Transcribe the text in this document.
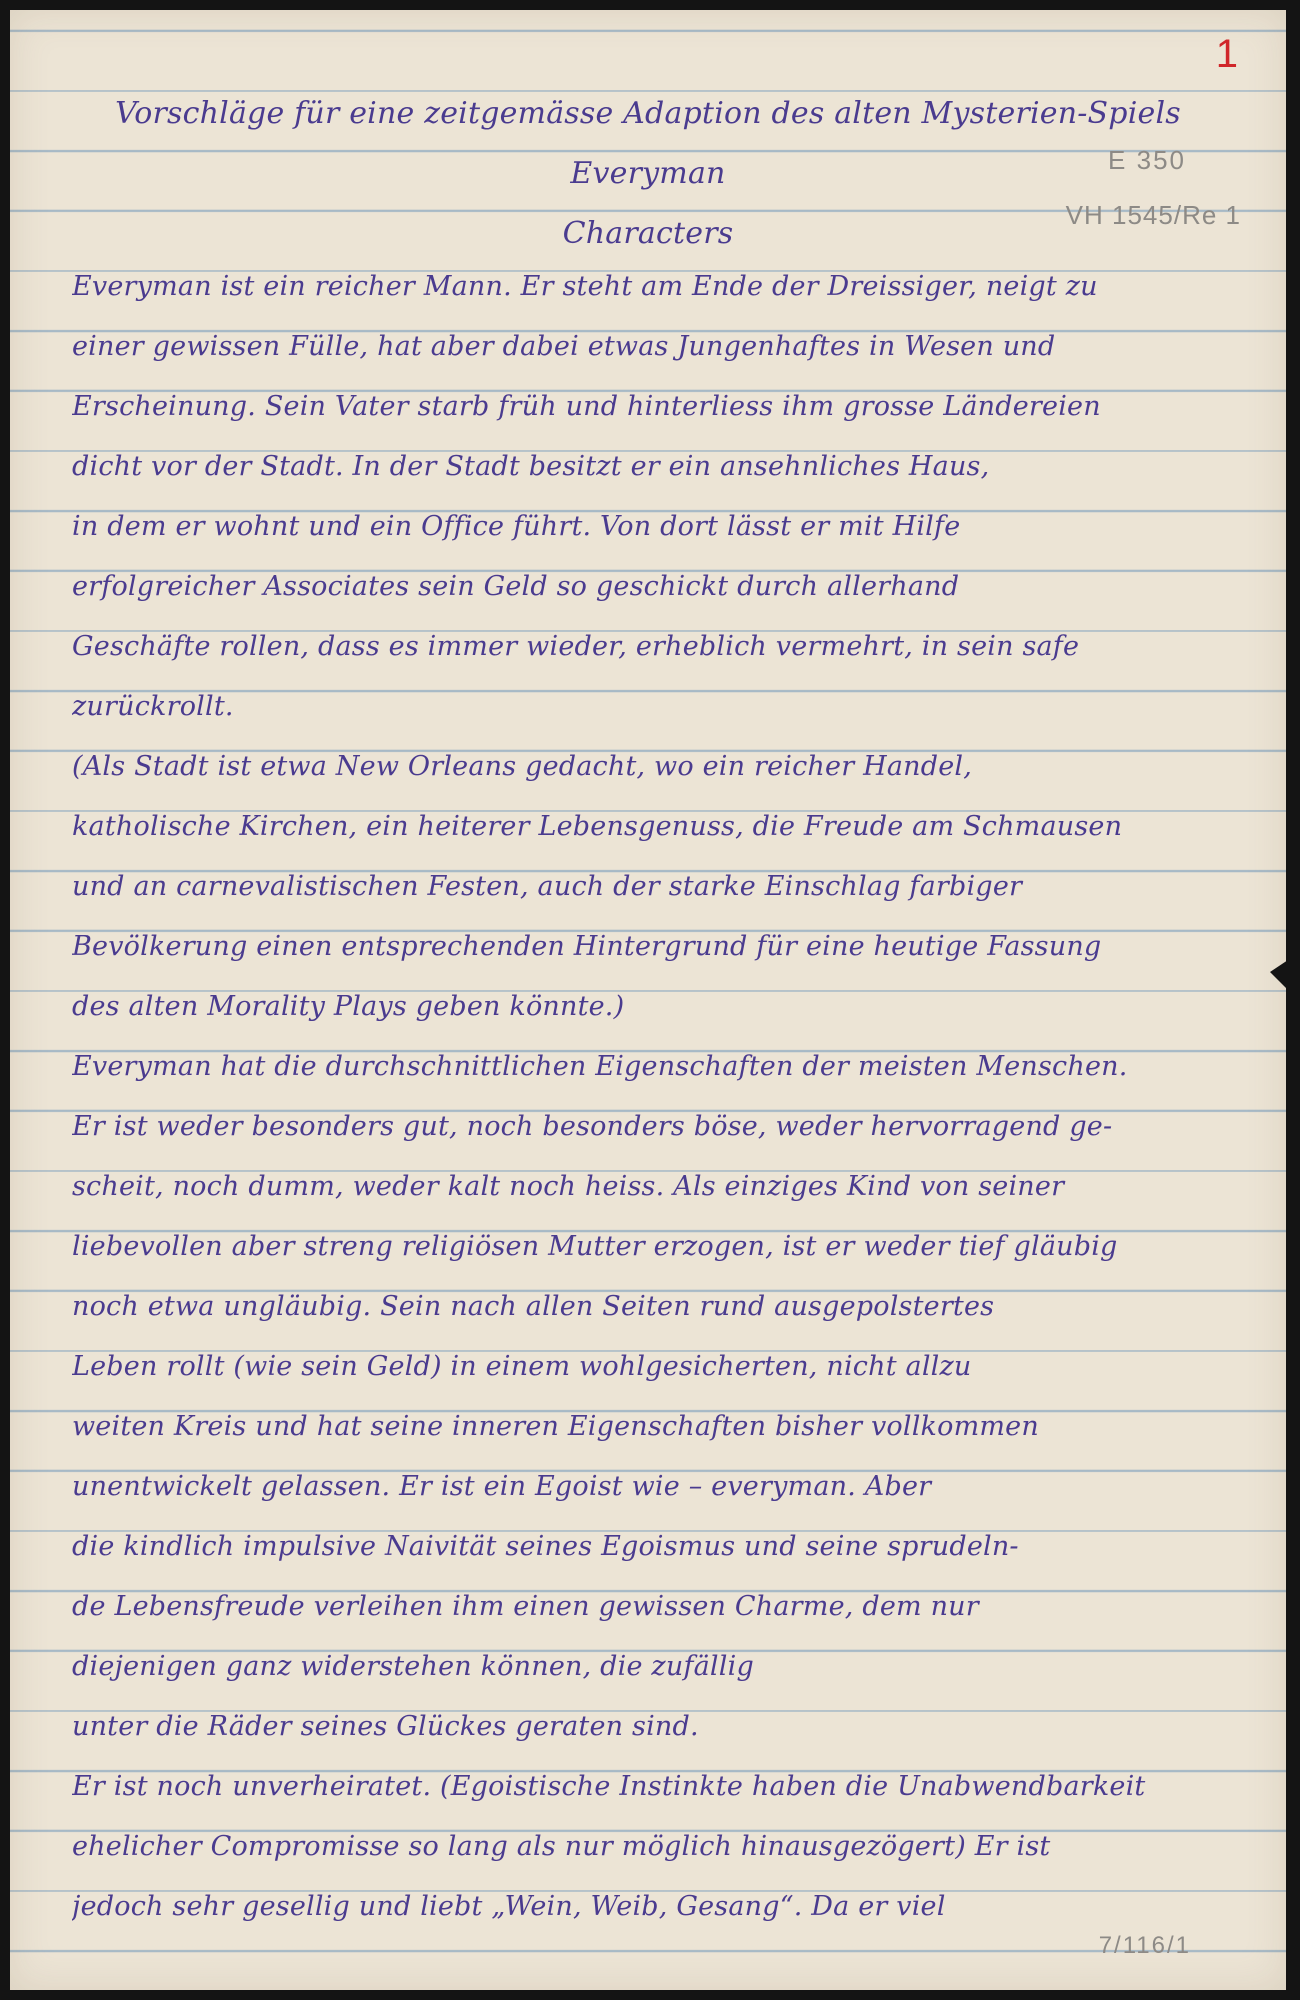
1
E 350
VH 1545/Re 1
Vorschläge für eine zeitgemässe Adaption des alten Mysterien-Spiels
Everyman
Characters
Everyman ist ein reicher Mann. Er steht am Ende der Dreissiger, neigt zu
einer gewissen Fülle, hat aber dabei etwas Jungenhaftes in Wesen und
Erscheinung. Sein Vater starb früh und hinterliess ihm grosse Ländereien
dicht vor der Stadt. In der Stadt besitzt er ein ansehnliches Haus,
in dem er wohnt und ein Office führt. Von dort lässt er mit Hilfe
erfolgreicher Associates sein Geld so geschickt durch allerhand
Geschäfte rollen, dass es immer wieder, erheblich vermehrt, in sein safe
zurückrollt.
(Als Stadt ist etwa New Orleans gedacht, wo ein reicher Handel,
katholische Kirchen, ein heiterer Lebensgenuss, die Freude am Schmausen
und an carnevalistischen Festen, auch der starke Einschlag farbiger
Bevölkerung einen entsprechenden Hintergrund für eine heutige Fassung
des alten Morality Plays geben könnte.)
Everyman hat die durchschnittlichen Eigenschaften der meisten Menschen.
Er ist weder besonders gut, noch besonders böse, weder hervorragend ge-
scheit, noch dumm, weder kalt noch heiss. Als einziges Kind von seiner
liebevollen aber streng religiösen Mutter erzogen, ist er weder tief gläubig
noch etwa ungläubig. Sein nach allen Seiten rund ausgepolstertes
Leben rollt (wie sein Geld) in einem wohlgesicherten, nicht allzu
weiten Kreis und hat seine inneren Eigenschaften bisher vollkommen
unentwickelt gelassen. Er ist ein Egoist wie – everyman. Aber
die kindlich impulsive Naivität seines Egoismus und seine sprudeln-
de Lebensfreude verleihen ihm einen gewissen Charme, dem nur
diejenigen ganz widerstehen können, die zufällig
unter die Räder seines Glückes geraten sind.
Er ist noch unverheiratet. (Egoistische Instinkte haben die Unabwendbarkeit
ehelicher Compromisse so lang als nur möglich hinausgezögert) Er ist
jedoch sehr gesellig und liebt „Wein, Weib, Gesang“. Da er viel
7/116/1
